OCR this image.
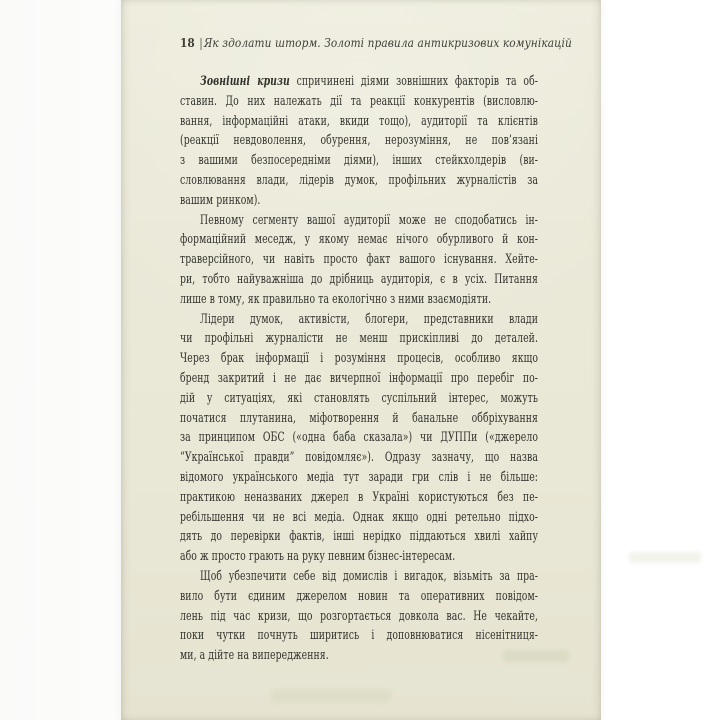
18 |Як здолати шторм. Золоті правила антикризових комунікацій
Зовнішні кризи спричинені діями зовнішних факторів та об-
ставин. До них належать дії та реакції конкурентів (висловлю-
вання, інформаційні атаки, вкиди тощо), аудиторії та клієнтів
(реакції невдоволення, обурення, нерозуміння, не пов’язані
з вашими безпосередніми діями), інших стейкхолдерів (ви-
словлювання влади, лідерів думок, профільних журналістів за
вашим ринком).
Певному сегменту вашої аудиторії може не сподобатись ін-
формаційний меседж, у якому немає нічого обурливого й кон-
траверсійного, чи навіть просто факт вашого існування. Хейте-
ри, тобто найуважніша до дрібниць аудиторія, є в усіх. Питання
лише в тому, як правильно та екологічно з ними взаємодіяти.
Лідери думок, активісти, блогери, представники влади
чи профільні журналісти не менш прискіпливі до деталей.
Через брак інформації і розуміння процесів, особливо якщо
бренд закритий і не дає вичерпної інформації про перебіг по-
дій у ситуаціях, які становлять суспільний інтерес, можуть
початися плутанина, міфотворення й банальне оббріхування
за принципом ОБС («одна баба сказала») чи ДУППи («джерело
“Української правди” повідомляє»). Одразу зазначу, що назва
відомого українського медіа тут заради гри слів і не більше:
практикою неназваних джерел в Україні користуються без пе-
ребільшення чи не всі медіа. Однак якщо одні ретельно підхо-
дять до перевірки фактів, інші нерідко піддаються хвилі хайпу
або ж просто грають на руку певним бізнес-інтересам.
Щоб убезпечити себе від домислів і вигадок, візьміть за пра-
вило бути єдиним джерелом новин та оперативних повідом-
лень під час кризи, що розгортається довкола вас. Не чекайте,
поки чутки почнуть ширитись і доповнюватися нісенітниця-
ми, а дійте на випередження.
